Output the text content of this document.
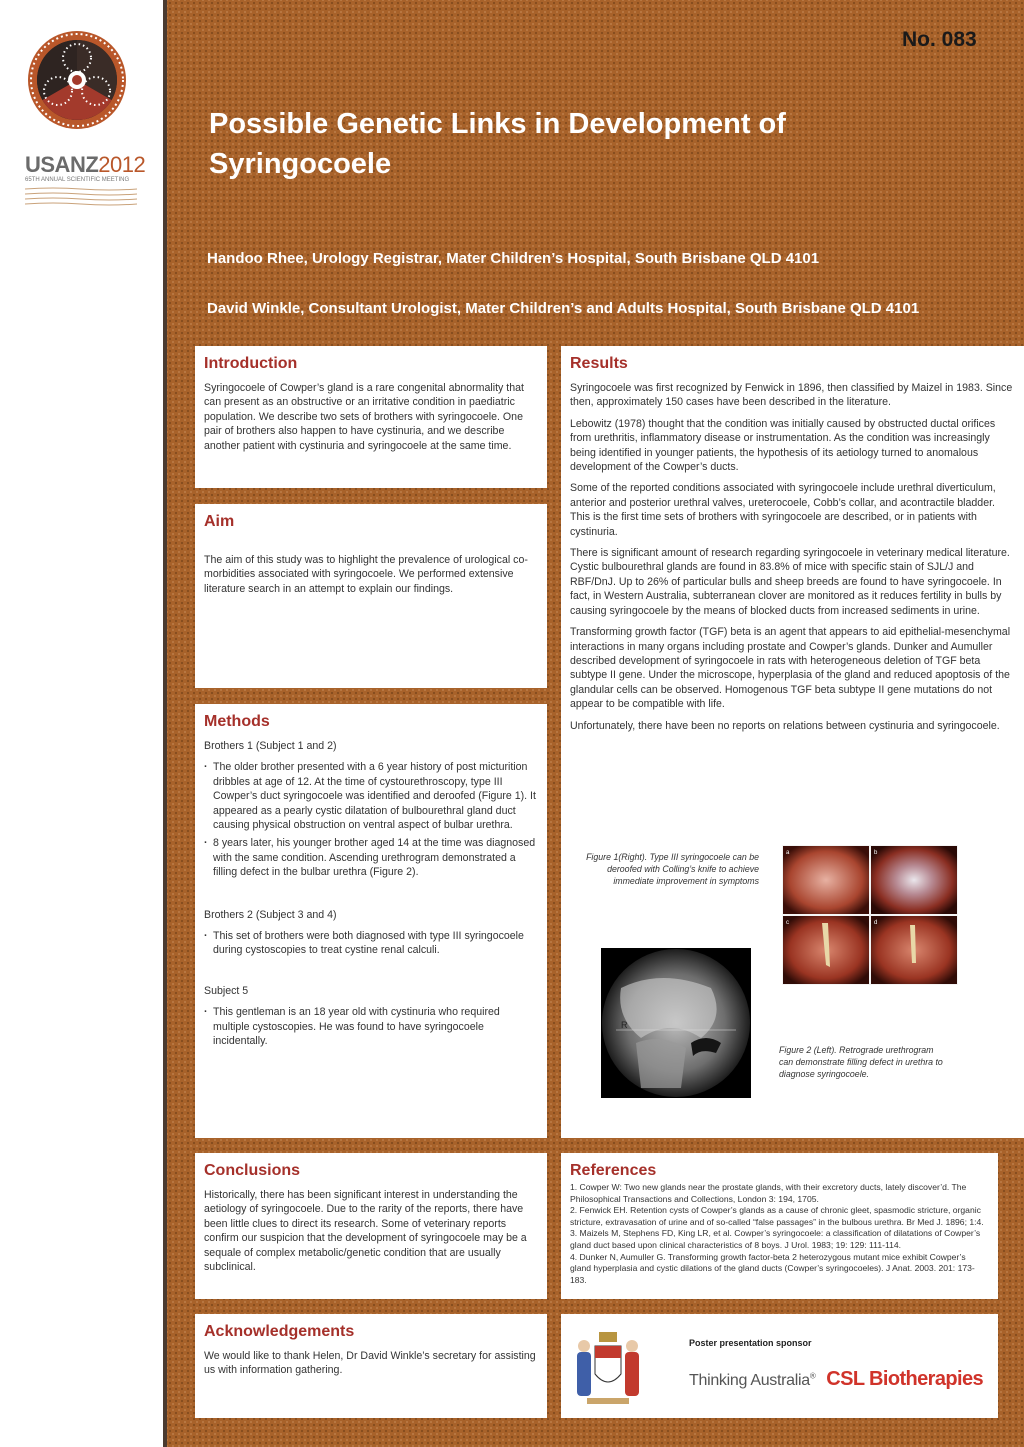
USANZ2012
65TH ANNUAL SCIENTIFIC MEETING
No. 083
Possible Genetic Links in Development of Syringocoele
Handoo Rhee, Urology Registrar, Mater Children’s Hospital, South Brisbane QLD 4101
David Winkle, Consultant Urologist, Mater Children’s and Adults Hospital, South Brisbane QLD 4101
Introduction

Syringocoele of Cowper’s gland is a rare congenital abnormality that can present as an obstructive or an irritative condition in paediatric population. We describe two sets of brothers with syringocoele. One pair of brothers also happen to have cystinuria, and we describe another patient with cystinuria and syringocoele at the same time.

Aim

The aim of this study was to highlight the prevalence of urological co-morbidities associated with syringocoele. We performed extensive literature search in an attempt to explain our findings.

Methods

Brothers 1 (Subject 1 and 2)

· The older brother presented with a 6 year history of post micturition dribbles at age of 12. At the time of cystourethroscopy, type III Cowper’s duct syringocoele was identified and deroofed (Figure 1). It appeared as a pearly cystic dilatation of bulbourethral gland duct causing physical obstruction on ventral aspect of bulbar urethra.
· 8 years later, his younger brother aged 14 at the time was diagnosed with the same condition. Ascending urethrogram demonstrated a filling defect in the bulbar urethra (Figure 2).

Brothers 2 (Subject 3 and 4)

· This set of brothers were both diagnosed with type III syringocoele during cystoscopies to treat cystine renal calculi.

Subject 5

· This gentleman is an 18 year old with cystinuria who required multiple cystoscopies. He was found to have syringocoele incidentally.
Results

Syringocoele was first recognized by Fenwick in 1896, then classified by Maizel in 1983. Since then, approximately 150 cases have been described in the literature.

Lebowitz (1978) thought that the condition was initially caused by obstructed ductal orifices from urethritis, inflammatory disease or instrumentation. As the condition was increasingly being identified in younger patients, the hypothesis of its aetiology turned to anomalous development of the Cowper’s ducts.

Some of the reported conditions associated with syringocoele include urethral diverticulum, anterior and posterior urethral valves, ureterocoele, Cobb’s collar, and acontractile bladder. This is the first time sets of brothers with syringocoele are described, or in patients with cystinuria.

There is significant amount of research regarding syringocoele in veterinary medical literature. Cystic bulbourethral glands are found in 83.8% of mice with specific stain of SJL/J and RBF/DnJ. Up to 26% of particular bulls and sheep breeds are found to have syringocoele. In fact, in Western Australia, subterranean clover are monitored as it reduces fertility in bulls by causing syringocoele by the means of blocked ducts from increased sediments in urine.

Transforming growth factor (TGF) beta is an agent that appears to aid epithelial-mesenchymal interactions in many organs including prostate and Cowper’s glands. Dunker and Aumuller described development of syringocoele in rats with heterogeneous deletion of TGF beta subtype II gene. Under the microscope, hyperplasia of the gland and reduced apoptosis of the glandular cells can be observed. Homogenous TGF beta subtype II gene mutations do not appear to be compatible with life.

Unfortunately, there have been no reports on relations between cystinuria and syringocoele.

Figure 1(Right). Type III syringocoele can be deroofed with Colling’s knife to achieve immediate improvement in symptoms
a	b
c	d
R
Figure 2 (Left). Retrograde urethrogram can demonstrate filling defect in urethra to diagnose syringocoele.
Conclusions

Historically, there has been significant interest in understanding the aetiology of syringocoele. Due to the rarity of the reports, there have been little clues to direct its research. Some of veterinary reports confirm our suspicion that the development of syringocoele may be a sequale of complex metabolic/genetic condition that are usually subclinical.

References

1. Cowper W: Two new glands near the prostate glands, with their excretory ducts, lately discover’d. The Philosophical Transactions and Collections, London 3: 194, 1705.

2. Fenwick EH. Retention cysts of Cowper’s glands as a cause of chronic gleet, spasmodic stricture, organic stricture, extravasation of urine and of so-called “false passages” in the bulbous urethra. Br Med J. 1896; 1:4.

3. Maizels M, Stephens FD, King LR, et al. Cowper’s syringocoele: a classification of dilatations of Cowper’s gland duct based upon clinical characteristics of 8 boys. J Urol. 1983; 19: 129: 111-114.

4. Dunker N, Aumuller G. Transforming growth factor-beta 2 heterozygous mutant mice exhibit Cowper’s gland hyperplasia and cystic dilations of the gland ducts (Cowper’s syringocoeles). J Anat. 2003. 201: 173-183.

Acknowledgements

We would like to thank Helen, Dr David Winkle’s secretary for assisting us with information gathering.

Poster presentation sponsor
Thinking Australia® CSL Biotherapies
